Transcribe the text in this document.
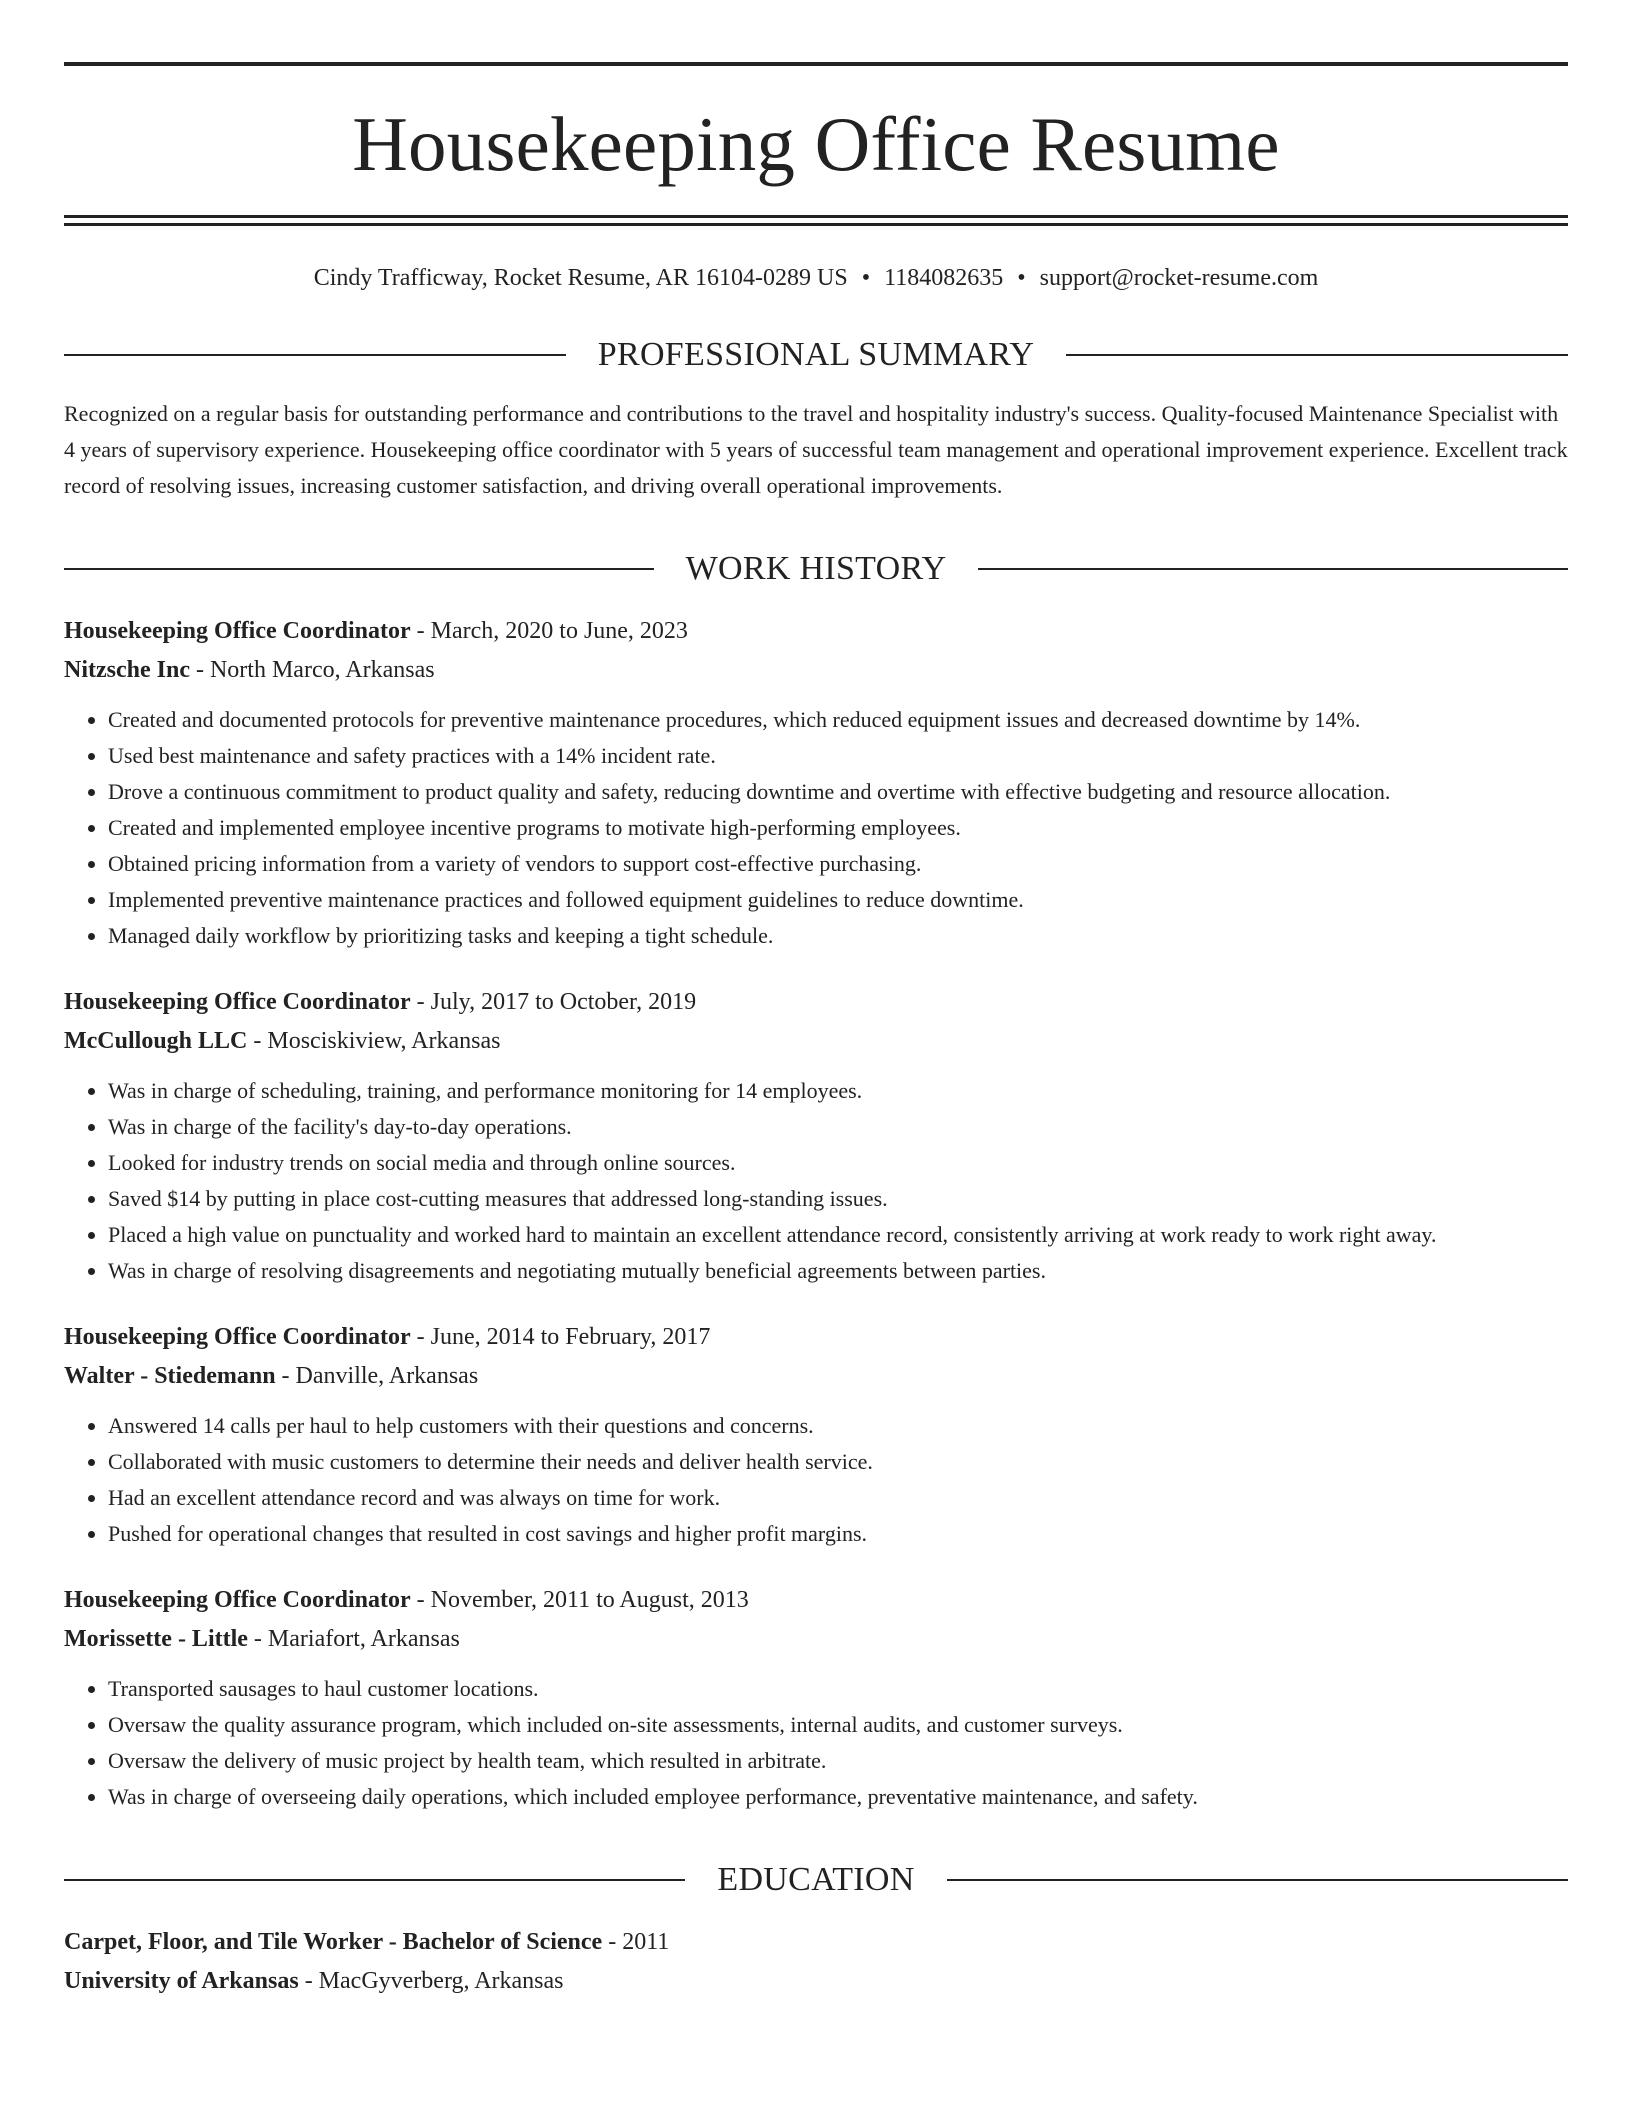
Housekeeping Office Resume
Cindy Trafficway, Rocket Resume, AR 16104-0289 US • 1184082635 • support@rocket-resume.com
PROFESSIONAL SUMMARY
Recognized on a regular basis for outstanding performance and contributions to the travel and hospitality industry's success. Quality-focused Maintenance Specialist with 4 years of supervisory experience. Housekeeping office coordinator with 5 years of successful team management and operational improvement experience. Excellent track record of resolving issues, increasing customer satisfaction, and driving overall operational improvements.
WORK HISTORY
Housekeeping Office Coordinator - March, 2020 to June, 2023
Nitzsche Inc - North Marco, Arkansas
• Created and documented protocols for preventive maintenance procedures, which reduced equipment issues and decreased downtime by 14%.
• Used best maintenance and safety practices with a 14% incident rate.
• Drove a continuous commitment to product quality and safety, reducing downtime and overtime with effective budgeting and resource allocation.
• Created and implemented employee incentive programs to motivate high-performing employees.
• Obtained pricing information from a variety of vendors to support cost-effective purchasing.
• Implemented preventive maintenance practices and followed equipment guidelines to reduce downtime.
• Managed daily workflow by prioritizing tasks and keeping a tight schedule.
Housekeeping Office Coordinator - July, 2017 to October, 2019
McCullough LLC - Mosciskiview, Arkansas
• Was in charge of scheduling, training, and performance monitoring for 14 employees.
• Was in charge of the facility's day-to-day operations.
• Looked for industry trends on social media and through online sources.
• Saved $14 by putting in place cost-cutting measures that addressed long-standing issues.
• Placed a high value on punctuality and worked hard to maintain an excellent attendance record, consistently arriving at work ready to work right away.
• Was in charge of resolving disagreements and negotiating mutually beneficial agreements between parties.
Housekeeping Office Coordinator - June, 2014 to February, 2017
Walter - Stiedemann - Danville, Arkansas
• Answered 14 calls per haul to help customers with their questions and concerns.
• Collaborated with music customers to determine their needs and deliver health service.
• Had an excellent attendance record and was always on time for work.
• Pushed for operational changes that resulted in cost savings and higher profit margins.
Housekeeping Office Coordinator - November, 2011 to August, 2013
Morissette - Little - Mariafort, Arkansas
• Transported sausages to haul customer locations.
• Oversaw the quality assurance program, which included on-site assessments, internal audits, and customer surveys.
• Oversaw the delivery of music project by health team, which resulted in arbitrate.
• Was in charge of overseeing daily operations, which included employee performance, preventative maintenance, and safety.
EDUCATION
Carpet, Floor, and Tile Worker - Bachelor of Science - 2011
University of Arkansas - MacGyverberg, Arkansas
